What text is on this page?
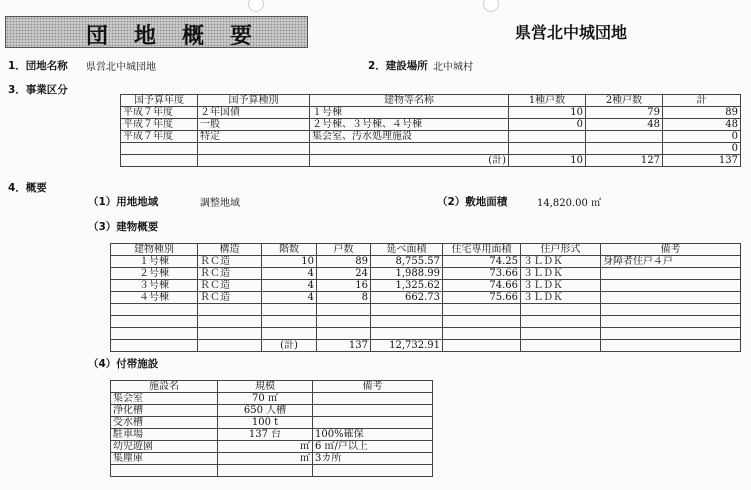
団地概要	県営北中城団地
1．団地名称 県営北中城団地	2．建設場所 北中城村
3．事業区分
国予算年度	国予算種別	建物等名称	1種戸数	2種戸数	計
平成７年度	２年国債	１号棟	10	79	89
平成７年度	一般	２号棟、３号棟、４号棟	0	48	48
平成７年度	特定	集会室、汚水処理施設			0
					0
		(計)	10	127	137
4．概要
（1）用地地域	調整地域	（2）敷地面積	14,820.00 ㎡
（3）建物概要
建物種別	構造	階数	戸数	延べ面積	住宅専用面積	住戸形式	備考
１号棟	ＲＣ造	10	89	8,755.57	74.25	３ＬＤＫ	身障者住戸４戸
２号棟	ＲＣ造	4	24	1,988.99	73.66	３ＬＤＫ	
３号棟	ＲＣ造	4	16	1,325.62	74.66	３ＬＤＫ	
４号棟	ＲＣ造	4	8	662.73	75.66	３ＬＤＫ	

		(計)	137	12,732.91			
（4）付帯施設
施設名	規模	備考
集会室	70 ㎡	
浄化槽	650 人槽	
受水槽	100 t	
駐車場	137 台	100%確保
幼児遊園	㎡	6 ㎡/戸以上
集塵庫	㎡	3カ所
